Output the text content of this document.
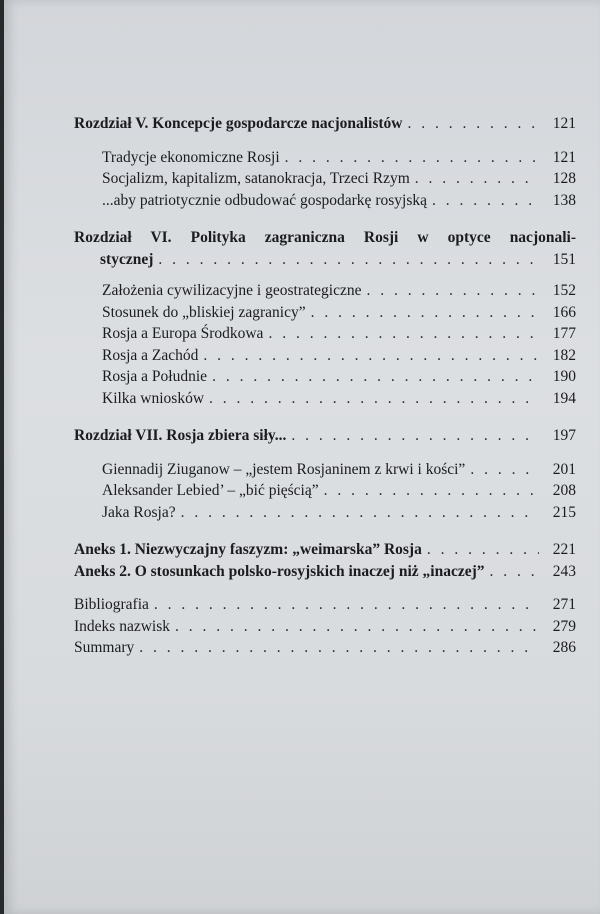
Rozdział V. Koncepcje gospodarcze nacjonalistów . . .	121
Tradycje ekonomiczne Rosji . . .	121
Socjalizm, kapitalizm, satanokracja, Trzeci Rzym . . .	128
...aby patriotycznie odbudować gospodarkę rosyjską . . .	138
Rozdział VI. Polityka zagraniczna Rosji w optyce nacjonali-
stycznej . . .	151
Założenia cywilizacyjne i geostrategiczne . . .	152
Stosunek do „bliskiej zagranicy” . . .	166
Rosja a Europa Środkowa . . .	177
Rosja a Zachód . . .	182
Rosja a Południe . . .	190
Kilka wniosków . . .	194
Rozdział VII. Rosja zbiera siły... . . .	197
Giennadij Ziuganow – „jestem Rosjaninem z krwi i kości” . . .	201
Aleksander Lebied’ – „bić pięścią” . . .	208
Jaka Rosja? . . .	215
Aneks 1. Niezwyczajny faszyzm: „weimarska” Rosja . . .	221
Aneks 2. O stosunkach polsko-rosyjskich inaczej niż „inaczej” . . .	243
Bibliografia . . .	271
Indeks nazwisk . . .	279
Summary . . .	286
